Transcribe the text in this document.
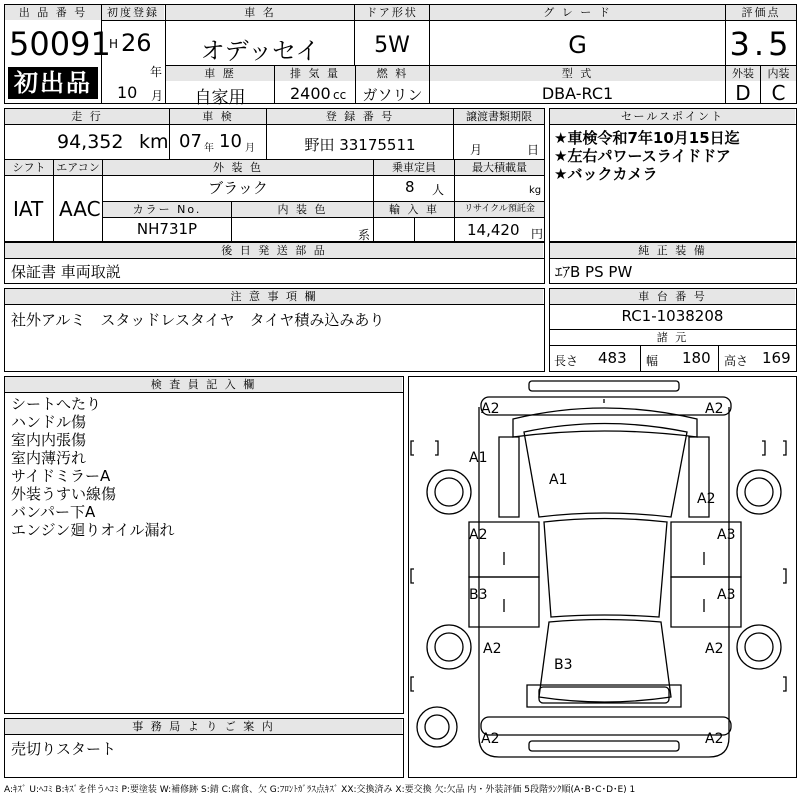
出 品 番 号
50091
初出品
初度登録
H 26
年
10 月
車 名
オデッセイ
ドア形状
5W
グ レ ー ド
G
評価点
3.5
車 歴
自家用
排 気 量
2400 cc
燃 料
ガソリン
型 式
DBA-RC1
外装	内装
D	C
走 行
94,352 km
車 検
07 年 10 月
登 録 番 号
野田 33175511
譲渡書類期限
月	日
シフト
IAT
エアコン
AAC
外 装 色
ブラック
乗車定員
8 人
最大積載量
kg
カラー No.
NH731P
内 装 色
系
輸 入 車	リサイクル預託金
14,420 円
セールスポイント
★車検令和7年10月15日迄
★左右パワースライドドア
★バックカメラ
後 日 発 送 部 品
保証書 車両取説
純 正 装 備
ｴｱB PS PW
注 意 事 項 欄
社外アルミ　スタッドレスタイヤ　タイヤ積み込みあり
車 台 番 号
RC1-1038208
諸 元
長さ 483 幅 180 高さ 169
検 査 員 記 入 欄
シートへたり
ハンドル傷
室内内張傷
室内薄汚れ
サイドミラーA
外装うすい線傷
バンパー下A
エンジン廻りオイル漏れ
事 務 局 よ り ご 案 内
売切りスタート
A2	A2
A1
A1
A2
A2	A3
B3	A3
A2
B3
A2
A2	A2
A:ｷｽﾞ U:ﾍｺﾐ B:ｷｽﾞを伴うﾍｺﾐ P:要塗装 W:補修跡 S:錆 C:腐食、欠 G:ﾌﾛﾝﾄｶﾞﾗｽ点ｷｽﾞ XX:交換済み X:要交換 欠:欠品 内・外装評価 5段階ﾗﾝｸ順(A･B･C･D･E) 1
